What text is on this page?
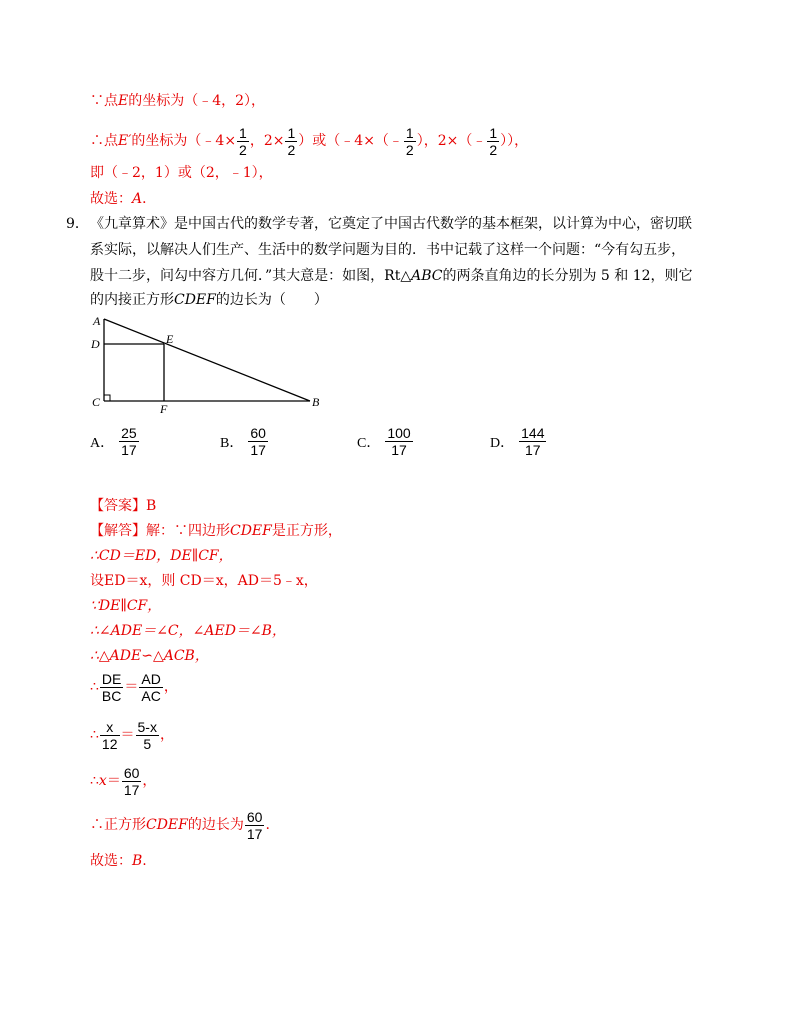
∵点E的坐标为（﹣4，2），
∴点E′的坐标为（﹣4× $\frac{1}{2}$ ，$2\times \frac{1}{2}$ ）或（﹣4×（﹣ $\frac{1}{2}$ ），2×（﹣ $\frac{1}{2}$ ）），
即（﹣2，1）或（2，﹣1），
故选：A．
9． 《九章算术》是中国古代的数学专著，它奠定了中国古代数学的基本框架，以计算为中心，密切联
系实际，以解决人们生产、生活中的数学问题为目的．书中记载了这样一个问题：“今有勾五步，
股十二步，问勾中容方几何．”其大意是：如图，Rt△ABC的两条直角边的长分别为 5 和 12，则它
的内接正方形CDEF的边长为（　　）
A
D	E
C	F	B
A． $\frac{25}{17}$	B． $\frac{60}{17}$	C． $\frac{100}{17}$	D． $\frac{144}{17}$
【答案】B
【解答】解：∵四边形CDEF是正方形，
∴CD＝ED，DE∥CF，
设ED＝x，则 CD＝x，AD＝5﹣x，
∵DE∥CF，
∴∠ADE＝∠C，∠AED＝∠B，
∴△ADE∽△ACB，
∴ $\frac{DE}{BC} = \frac{AD}{AC}$ ，
∴ $\frac{x}{12} = \frac{5-x}{5}$ ，
∴x＝ $\frac{60}{17}$ ，
∴正方形CDEF的边长为 $\frac{60}{17}$ .
故选：B.
